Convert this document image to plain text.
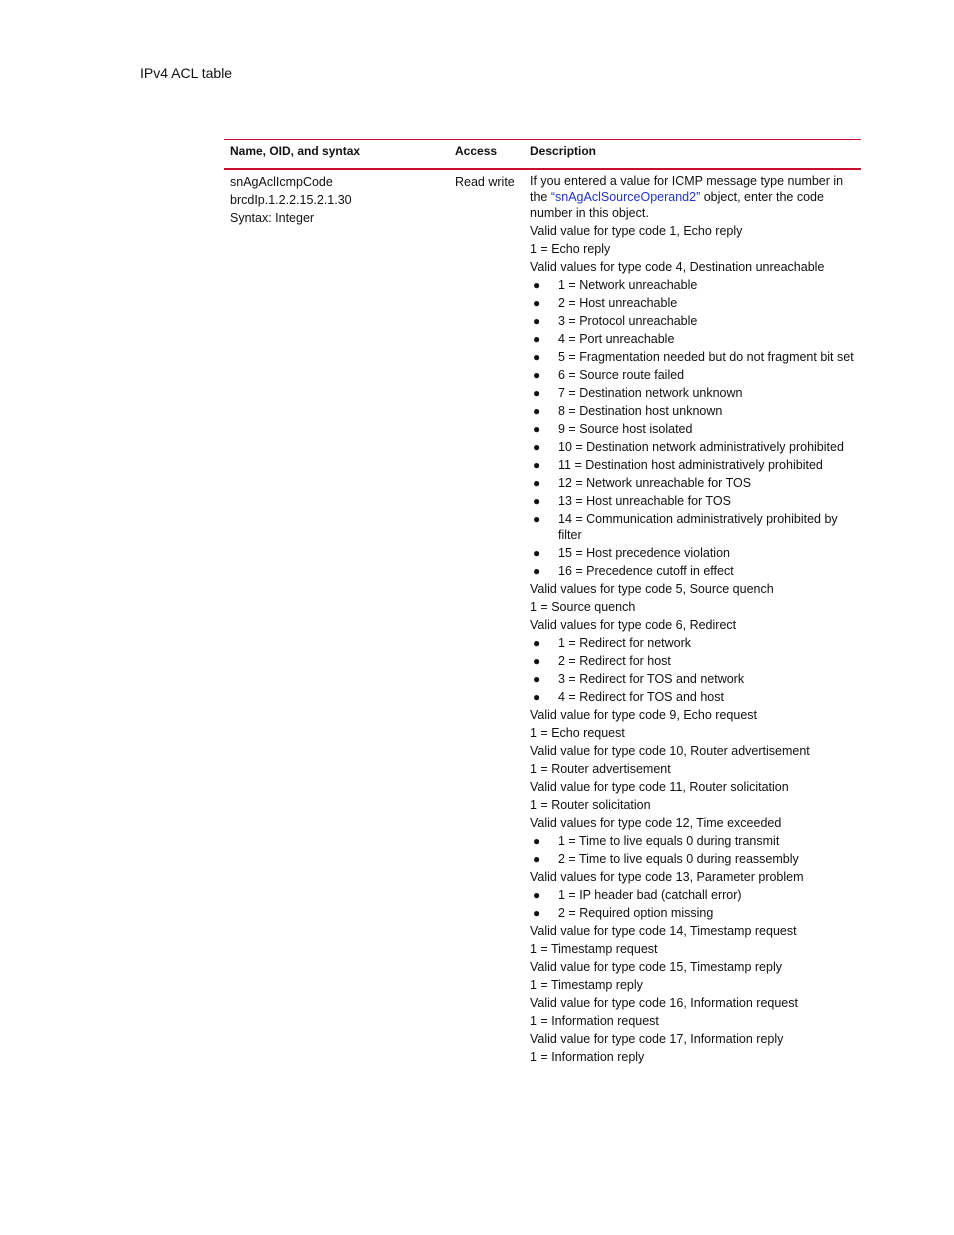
IPv4 ACL table
Name, OID, and syntax	Access	Description
snAgAclIcmpCode
brcdIp.1.2.2.15.2.1.30
Syntax: Integer
Read write If you entered a value for ICMP message type number in the “snAgAclSourceOperand2” object, enter the code number in this object.

Valid value for type code 1, Echo reply

1 = Echo reply

Valid values for type code 4, Destination unreachable

● 1 = Network unreachable
● 2 = Host unreachable
● 3 = Protocol unreachable
● 4 = Port unreachable
● 5 = Fragmentation needed but do not fragment bit set
● 6 = Source route failed
● 7 = Destination network unknown
● 8 = Destination host unknown
● 9 = Source host isolated
● 10 = Destination network administratively prohibited
● 11 = Destination host administratively prohibited
● 12 = Network unreachable for TOS
● 13 = Host unreachable for TOS
● 14 = Communication administratively prohibited by filter
● 15 = Host precedence violation
● 16 = Precedence cutoff in effect

Valid values for type code 5, Source quench

1 = Source quench

Valid values for type code 6, Redirect

● 1 = Redirect for network
● 2 = Redirect for host
● 3 = Redirect for TOS and network
● 4 = Redirect for TOS and host

Valid value for type code 9, Echo request

1 = Echo request

Valid value for type code 10, Router advertisement

1 = Router advertisement

Valid value for type code 11, Router solicitation

1 = Router solicitation

Valid values for type code 12, Time exceeded

● 1 = Time to live equals 0 during transmit
● 2 = Time to live equals 0 during reassembly

Valid values for type code 13, Parameter problem

● 1 = IP header bad (catchall error)
● 2 = Required option missing

Valid value for type code 14, Timestamp request

1 = Timestamp request

Valid value for type code 15, Timestamp reply

1 = Timestamp reply

Valid value for type code 16, Information request

1 = Information request

Valid value for type code 17, Information reply

1 = Information reply
